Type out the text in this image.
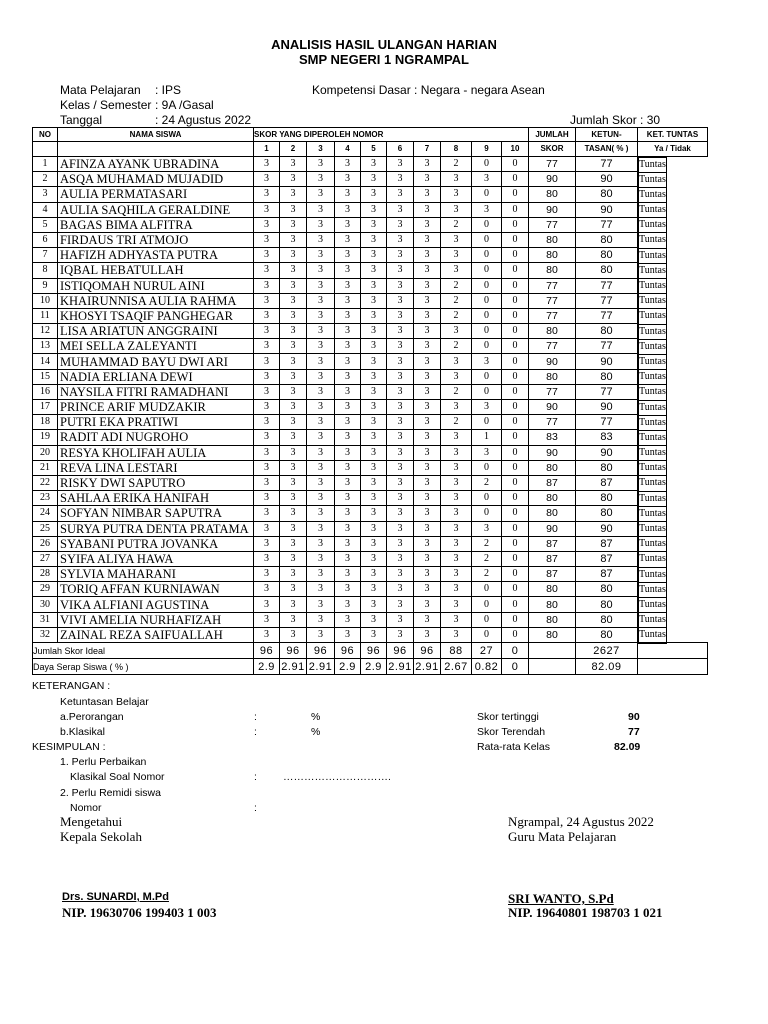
ANALISIS HASIL ULANGAN HARIAN
SMP NEGERI 1 NGRAMPAL
Mata Pelajaran : IPS	Kompetensi Dasar : Negara - negara Asean
Kelas / Semester : 9A /Gasal
Tanggal	: 24 Agustus 2022	Jumlah Skor : 30
NO	NAMA SISWA	SKOR YANG DIPEROLEH NOMOR										JUMLAH	KETUN-	KET. TUNTAS
		1	2	3	4	5	6	7	8	9	10	SKOR	TASAN( % )	Ya / Tidak
1	AFINZA AYANK UBRADINA	3	3	3	3	3	3	3	2	0	0	77	77		Tuntas

2	ASQA MUHAMAD MUJADID	3	3	3	3	3	3	3	3	3	0	90	90		Tuntas

3	AULIA PERMATASARI	3	3	3	3	3	3	3	3	0	0	80	80		Tuntas

4	AULIA SAQHILA GERALDINE	3	3	3	3	3	3	3	3	3	0	90	90		Tuntas

5	BAGAS BIMA ALFITRA	3	3	3	3	3	3	3	2	0	0	77	77		Tuntas

6	FIRDAUS TRI ATMOJO	3	3	3	3	3	3	3	3	0	0	80	80		Tuntas

7	HAFIZH ADHYASTA PUTRA	3	3	3	3	3	3	3	3	0	0	80	80		Tuntas

8	IQBAL HEBATULLAH	3	3	3	3	3	3	3	3	0	0	80	80		Tuntas

9	ISTIQOMAH NURUL AINI	3	3	3	3	3	3	3	2	0	0	77	77		Tuntas

10	KHAIRUNNISA AULIA RAHMA	3	3	3	3	3	3	3	2	0	0	77	77		Tuntas

11	KHOSYI TSAQIF PANGHEGAR	3	3	3	3	3	3	3	2	0	0	77	77		Tuntas

12	LISA ARIATUN ANGGRAINI	3	3	3	3	3	3	3	3	0	0	80	80		Tuntas

13	MEI SELLA ZALEYANTI	3	3	3	3	3	3	3	2	0	0	77	77		Tuntas

14	MUHAMMAD BAYU DWI ARI	3	3	3	3	3	3	3	3	3	0	90	90		Tuntas

15	NADIA ERLIANA DEWI	3	3	3	3	3	3	3	3	0	0	80	80		Tuntas

16	NAYSILA FITRI RAMADHANI	3	3	3	3	3	3	3	2	0	0	77	77		Tuntas

17	PRINCE ARIF MUDZAKIR	3	3	3	3	3	3	3	3	3	0	90	90		Tuntas

18	PUTRI EKA PRATIWI	3	3	3	3	3	3	3	2	0	0	77	77		Tuntas

19	RADIT ADI NUGROHO	3	3	3	3	3	3	3	3	1	0	83	83		Tuntas

20	RESYA KHOLIFAH AULIA	3	3	3	3	3	3	3	3	3	0	90	90		Tuntas

21	REVA LINA LESTARI	3	3	3	3	3	3	3	3	0	0	80	80		Tuntas

22	RISKY DWI SAPUTRO	3	3	3	3	3	3	3	3	2	0	87	87		Tuntas

23	SAHLAA ERIKA HANIFAH	3	3	3	3	3	3	3	3	0	0	80	80		Tuntas

24	SOFYAN NIMBAR SAPUTRA	3	3	3	3	3	3	3	3	0	0	80	80		Tuntas

25	SURYA PUTRA DENTA PRATAMA	3	3	3	3	3	3	3	3	3	0	90	90		Tuntas

26	SYABANI PUTRA JOVANKA	3	3	3	3	3	3	3	3	2	0	87	87		Tuntas

27	SYIFA ALIYA HAWA	3	3	3	3	3	3	3	3	2	0	87	87		Tuntas

28	SYLVIA MAHARANI	3	3	3	3	3	3	3	3	2	0	87	87		Tuntas

29	TORIQ AFFAN KURNIAWAN	3	3	3	3	3	3	3	3	0	0	80	80		Tuntas

30	VIKA ALFIANI AGUSTINA	3	3	3	3	3	3	3	3	0	0	80	80		Tuntas

31	VIVI AMELIA NURHAFIZAH	3	3	3	3	3	3	3	3	0	0	80	80		Tuntas

32	ZAINAL REZA SAIFUALLAH	3	3	3	3	3	3	3	3	0	0	80	80		Tuntas

Jumlah Skor Ideal		96	96	96	96	96	96	96	88	27	0		2627	
Daya Serap Siswa ( % )		2.9	2.91	2.91	2.9	2.9	2.91	2.91	2.67	0.82	0		82.09	
KETERANGAN :
Ketuntasan Belajar
a.Perorangan	:	%
b.Klasikal	:	%
Skor tertinggi	90
Skor Terendah	77
Rata-rata Kelas	82.09
KESIMPULAN :
1. Perlu Perbaikan
Klasikal Soal Nomor	: ………………………….
2. Perlu Remidi siswa
Nomor	:
Mengetahui
Kepala Sekolah
Ngrampal, 24 Agustus 2022
Guru Mata Pelajaran
Drs. SUNARDI, M.Pd
NIP. 19630706 199403 1 003
SRI WANTO, S.Pd
NIP. 19640801 198703 1 021
